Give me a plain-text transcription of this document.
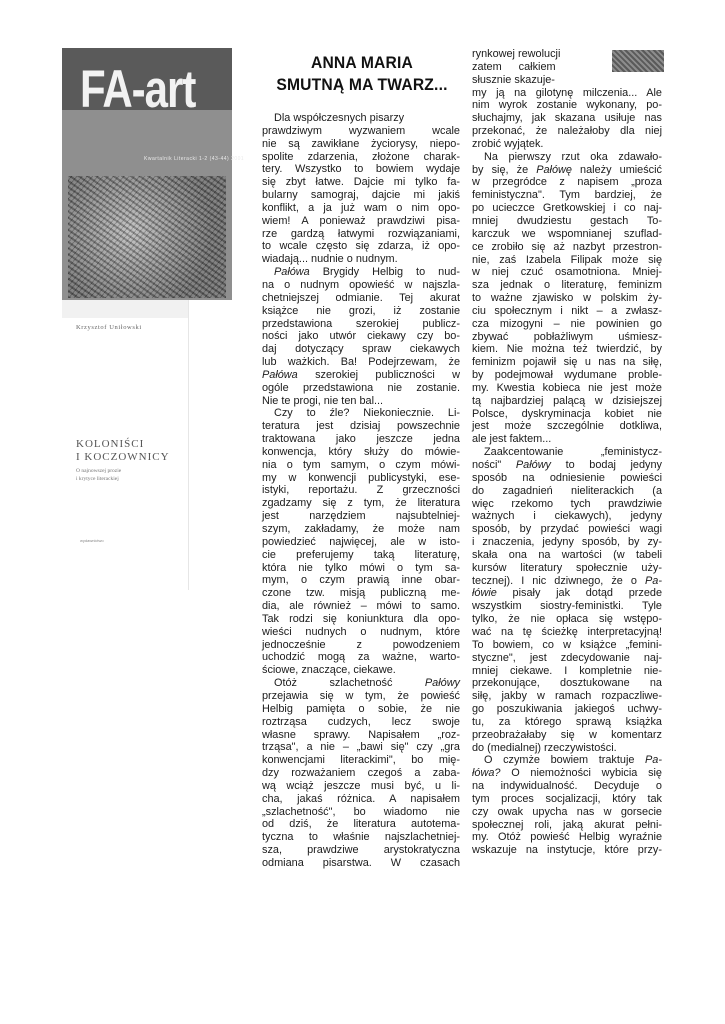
FA-art
Kwartalnik Literacki 1-2 (43-44) 2001
Krzysztof Uniłowski
KOLONIŚCI
I KOCZOWNICY
O najnowszej prozie
i krytyce literackiej
wydawnictwo
ANNA MARIA
SMUTNĄ MA TWARZ...
Dla współczesnych pisarzy
prawdziwym wyzwaniem wcale
nie są zawikłane życiorysy, niepo-
spolite zdarzenia, złożone charak-
tery. Wszystko to bowiem wydaje
się zbyt łatwe. Dajcie mi tylko fa-
bularny samograj, dajcie mi jakiś
konflikt, a ja już wam o nim opo-
wiem! A ponieważ prawdziwi pisa-
rze gardzą łatwymi rozwiązaniami,
to wcale często się zdarza, iż opo-
wiadają... nudnie o nudnym.
Pałówa Brygidy Helbig to nud-
na o nudnym opowieść w najszla-
chetniejszej odmianie. Tej akurat
książce nie grozi, iż zostanie
przedstawiona szerokiej publicz-
ności jako utwór ciekawy czy bo-
daj dotyczący spraw ciekawych
lub ważkich. Ba! Podejrzewam, że
Pałówa szerokiej publiczności w
ogóle przedstawiona nie zostanie.
Nie te progi, nie ten bal...
Czy to źle? Niekoniecznie. Li-
teratura jest dzisiaj powszechnie
traktowana jako jeszcze jedna
konwencja, który służy do mówie-
nia o tym samym, o czym mówi-
my w konwencji publicystyki, ese-
istyki, reportażu. Z grzeczności
zgadzamy się z tym, że literatura
jest narzędziem najsubtelniej-
szym, zakładamy, że może nam
powiedzieć najwięcej, ale w isto-
cie preferujemy taką literaturę,
która nie tylko mówi o tym sa-
mym, o czym prawią inne obar-
czone tzw. misją publiczną me-
dia, ale również – mówi to samo.
Tak rodzi się koniunktura dla opo-
wieści nudnych o nudnym, które
jednocześnie z powodzeniem
uchodzić mogą za ważne, warto-
ściowe, znaczące, ciekawe.
Otóż szlachetność Pałówy
przejawia się w tym, że powieść
Helbig pamięta o sobie, że nie
roztrząsa cudzych, lecz swoje
własne sprawy. Napisałem „roz-
trząsa", a nie – „bawi się" czy „gra
konwencjami literackimi", bo mię-
dzy rozważaniem czegoś a zaba-
wą wciąż jeszcze musi być, u li-
cha, jakaś różnica. A napisałem
„szlachetność", bo wiadomo nie
od dziś, że literatura autotema-
tyczna to właśnie najszlachetniej-
sza, prawdziwe arystokratyczna
odmiana pisarstwa. W czasach
rynkowej rewolucji
zatem całkiem
słusznie skazuje-
my ją na gilotynę milczenia... Ale
nim wyrok zostanie wykonany, po-
słuchajmy, jak skazana usiłuje nas
przekonać, że należałoby dla niej
zrobić wyjątek.
Na pierwszy rzut oka zdawało-
by się, że Pałówę należy umieścić
w przegródce z napisem „proza
feministyczna". Tym bardziej, że
po ucieczce Gretkowskiej i co naj-
mniej dwudziestu gestach To-
karczuk we wspomnianej szuflad-
ce zrobiło się aż nazbyt przestron-
nie, zaś Izabela Filipak może się
w niej czuć osamotniona. Mniej-
sza jednak o literaturę, feminizm
to ważne zjawisko w polskim ży-
ciu społecznym i nikt – a zwłasz-
cza mizogyni – nie powinien go
zbywać pobłażliwym uśmiesz-
kiem. Nie można też twierdzić, by
feminizm pojawił się u nas na siłę,
by podejmował wydumane proble-
my. Kwestia kobieca nie jest może
tą najbardziej palącą w dzisiejszej
Polsce, dyskryminacja kobiet nie
jest może szczególnie dotkliwa,
ale jest faktem...
Zaakcentowanie „feministycz-
ności" Pałówy to bodaj jedyny
sposób na odniesienie powieści
do zagadnień nieliterackich (a
więc rzekomo tych prawdziwie
ważnych i ciekawych), jedyny
sposób, by przydać powieści wagi
i znaczenia, jedyny sposób, by zy-
skała ona na wartości (w tabeli
kursów literatury społecznie uży-
tecznej). I nic dziwnego, że o Pa-
łówie pisały jak dotąd przede
wszystkim siostry-feministki. Tyle
tylko, że nie opłaca się wstępo-
wać na tę ścieżkę interpretacyjną!
To bowiem, co w książce „femini-
styczne", jest zdecydowanie naj-
mniej ciekawe. I kompletnie nie-
przekonujące, dosztukowane na
siłę, jakby w ramach rozpaczliwe-
go poszukiwania jakiegoś uchwy-
tu, za którego sprawą książka
przeobrażałaby się w komentarz
do (medialnej) rzeczywistości.
O czymże bowiem traktuje Pa-
łówa? O niemożności wybicia się
na indywidualność. Decyduje o
tym proces socjalizacji, który tak
czy owak upycha nas w gorsecie
społecznej roli, jaką akurat pełni-
my. Otóż powieść Helbig wyraźnie
wskazuje na instytucje, które przy-
